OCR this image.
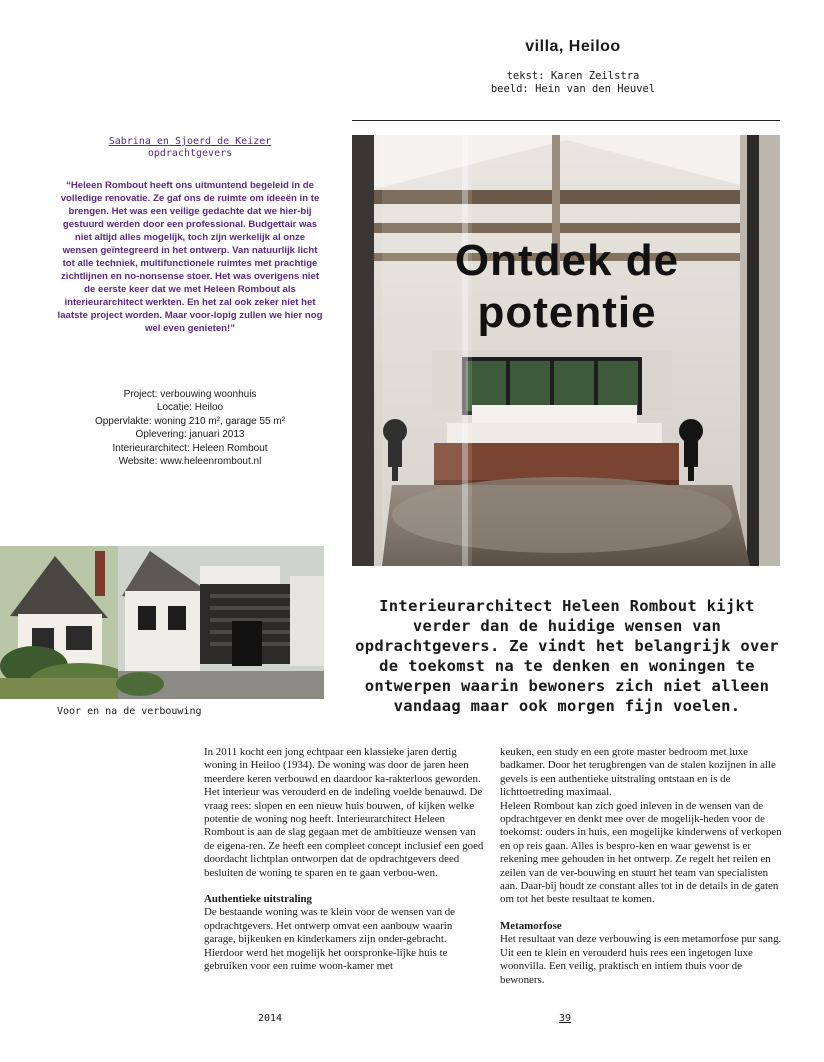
villa, Heiloo
tekst: Karen Zeilstra
beeld: Hein van den Heuvel
Sabrina en Sjoerd de Keizer
opdrachtgevers
“Heleen Rombout heeft ons uitmuntend begeleid in de volledige renovatie. Ze gaf ons de ruimte om ideeën in te brengen. Het was een veilige gedachte dat we hier-bij gestuurd werden door een professional. Budgettair was niet altijd alles mogelijk, toch zijn werkelijk al onze wensen geïntegreerd in het ontwerp. Van natuurlijk licht tot alle techniek, multifunctionele ruimtes met prachtige zichtlijnen en no-nonsense stoer. Het was overigens niet de eerste keer dat we met Heleen Rombout als interieurarchitect werkten. En het zal ook zeker niet het laatste project worden. Maar voor-lopig zullen we hier nog wel even genieten!”
Project: verbouwing woonhuis
Locatie: Heiloo
Oppervlakte: woning 210 m², garage 55 m²
Oplevering: januari 2013
Interieurarchitect: Heleen Rombout
Website: www.heleenrombout.nl
Ontdek de potentie
Voor en na de verbouwing
Interieurarchitect Heleen Rombout kijkt verder dan de huidige wensen van opdrachtgevers. Ze vindt het belangrijk over de toekomst na te denken en woningen te ontwerpen waarin bewoners zich niet alleen vandaag maar ook morgen fijn voelen.

In 2011 kocht een jong echtpaar een klassieke jaren dertig woning in Heiloo (1934). De woning was door de jaren heen meerdere keren verbouwd en daardoor ka-rakterloos geworden. Het interieur was verouderd en de indeling voelde benauwd. De vraag rees: slopen en een nieuw huis bouwen, of kijken welke potentie de woning nog heeft. Interieurarchitect Heleen Rombout is aan de slag gegaan met de ambitieuze wensen van de eigena-ren. Ze heeft een compleet concept inclusief een goed doordacht lichtplan ontworpen dat de opdrachtgevers deed besluiten de woning te sparen en te gaan verbou-wen.

Authentieke uitstraling

De bestaande woning was te klein voor de wensen van de opdrachtgevers. Het ontwerp omvat een aanbouw waarin garage, bijkeuken en kinderkamers zijn onder-gebracht. Hierdoor werd het mogelijk het oorspronke-lijke huis te gebruiken voor een ruime woon-kamer met

keuken, een study en een grote master bedroom met luxe badkamer. Door het terugbrengen van de stalen kozijnen in alle gevels is een authentieke uitstraling ontstaan en is de lichttoetreding maximaal.

Heleen Rombout kan zich goed inleven in de wensen van de opdrachtgever en denkt mee over de mogelijk-heden voor de toekomst: ouders in huis, een mogelijke kinderwens of verkopen en op reis gaan. Alles is bespro-ken en waar gewenst is er rekening mee gehouden in het ontwerp. Ze regelt het reilen en zeilen van de ver-bouwing en stuurt het team van specialisten aan. Daar-bij houdt ze constant alles tot in de details in de gaten om tot het beste resultaat te komen.

Metamorfose

Het resultaat van deze verbouwing is een metamorfose pur sang. Uit een te klein en verouderd huis rees een ingetogen luxe woonvilla. Een veilig, praktisch en intiem thuis voor de bewoners.

2014	39
